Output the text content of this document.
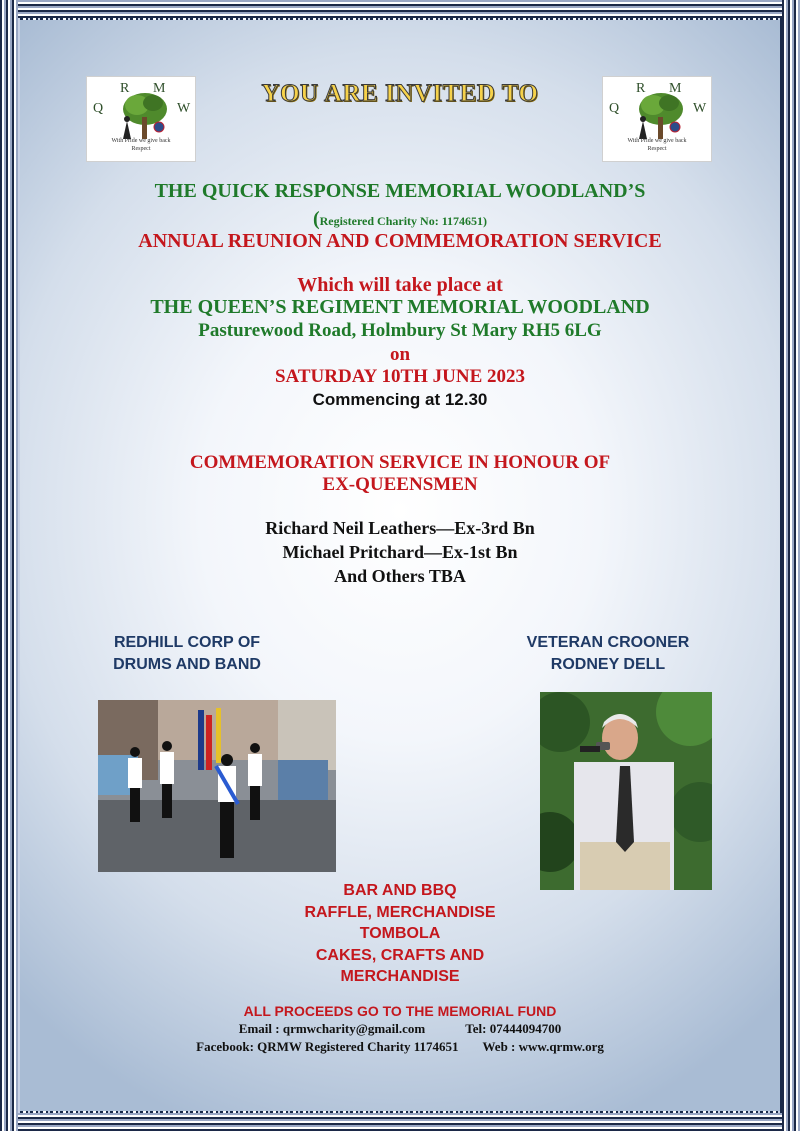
Q
R M
W
With Pride we give back
Respect
Q
R M
W
With Pride we give back
Respect
YOU ARE INVITED TO
THE QUICK RESPONSE MEMORIAL WOODLAND’S
(Registered Charity No: 1174651)
ANNUAL REUNION AND COMMEMORATION SERVICE
Which will take place at
THE QUEEN’S REGIMENT MEMORIAL WOODLAND
Pasturewood Road, Holmbury St Mary RH5 6LG
on
SATURDAY 10TH JUNE 2023
Commencing at 12.30
COMMEMORATION SERVICE IN HONOUR OF
EX-QUEENSMEN
Richard Neil Leathers—Ex-3rd Bn
Michael Pritchard—Ex-1st Bn
And Others TBA
REDHILL CORP OF
DRUMS AND BAND
VETERAN CROONER
RODNEY DELL
BAR AND BBQ
RAFFLE, MERCHANDISE
TOMBOLA
CAKES, CRAFTS AND
MERCHANDISE
ALL PROCEEDS GO TO THE MEMORIAL FUND
Email : qrmwcharity@gmail.com	Tel: 07444094700
Facebook: QRMW Registered Charity 1174651 Web : www.qrmw.org
